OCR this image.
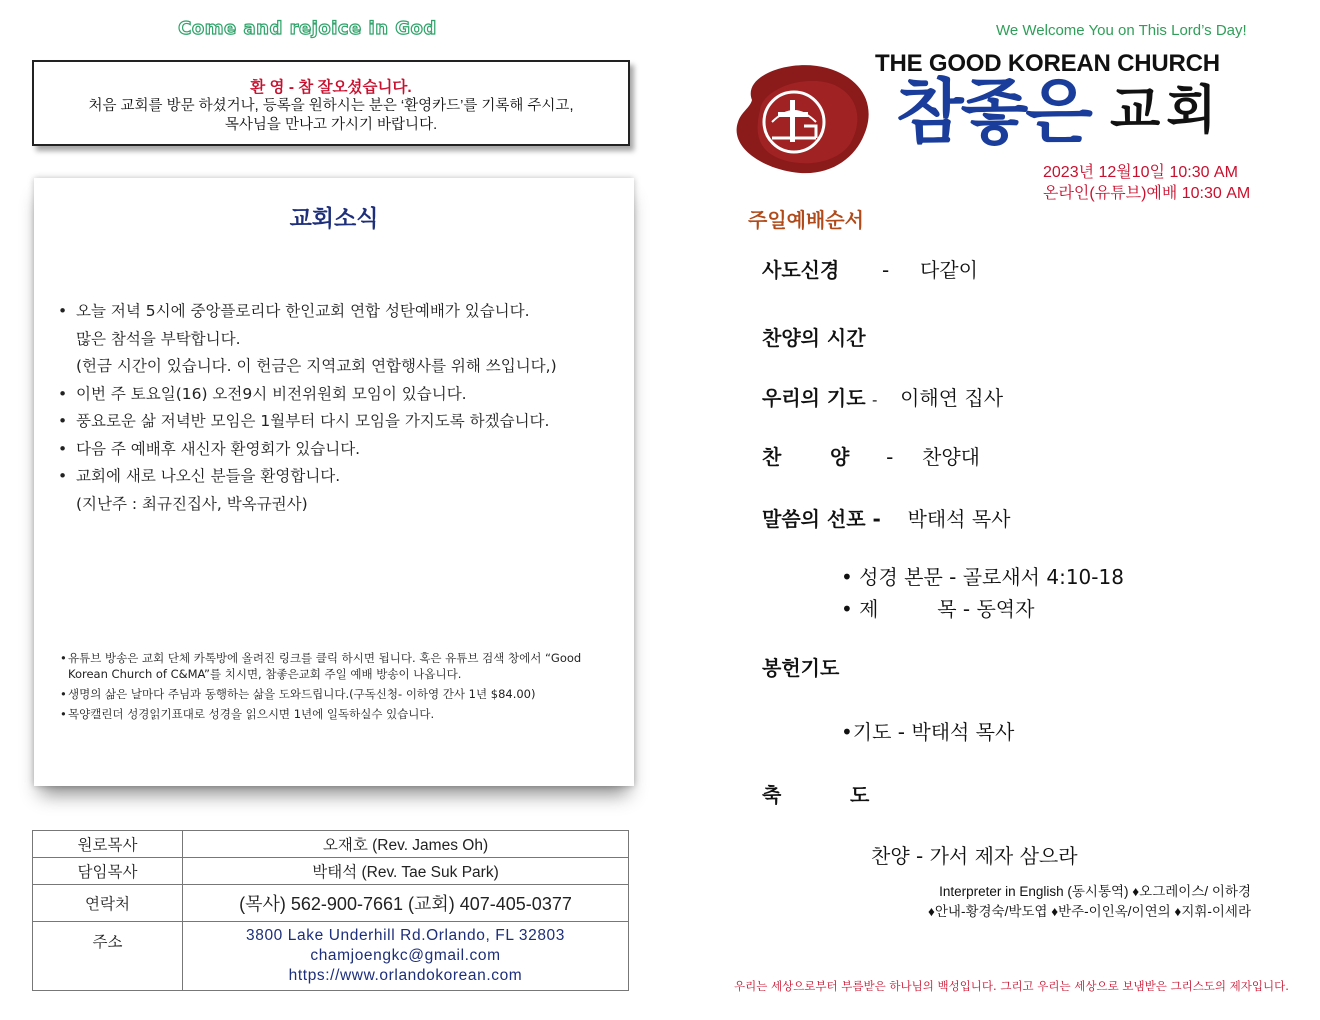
Come and rejoice in God
환 영 - 참 잘오셨습니다.
처음 교회를 방문 하셨거나, 등록을 원하시는 분은 ‘환영카드’를 기록해 주시고,
목사님을 만나고 가시기 바랍니다.
교회소식
• 오늘 저녁 5시에 중앙플로리다 한인교회 연합 성탄예배가 있습니다.
많은 참석을 부탁합니다.
(헌금 시간이 있습니다. 이 헌금은 지역교회 연합행사를 위해 쓰입니다,)
• 이번 주 토요일(16) 오전9시 비전위원회 모임이 있습니다.
• 풍요로운 삶 저녁반 모임은 1월부터 다시 모임을 가지도록 하겠습니다.
• 다음 주 예배후 새신자 환영회가 있습니다.
• 교회에 새로 나오신 분들을 환영합니다.
(지난주 : 최규진집사, 박옥규권사)
• 유튜브 방송은 교회 단체 카톡방에 올려진 링크를 클릭 하시면 됩니다. 혹은 유튜브 검색 창에서 “Good
Korean Church of C&MA”를 치시면, 참좋은교회 주일 예배 방송이 나옵니다.
• 생명의 삶은 날마다 주님과 동행하는 삶을 도와드립니다.(구독신청- 이하영 간사 1년 $84.00)
• 목양캘린더 성경읽기표대로 성경을 읽으시면 1년에 일독하실수 있습니다.
원로목사	오재호 (Rev. James Oh)
담임목사	박태석 (Rev. Tae Suk Park)
연락처	(목사) 562-900-7661 (교회) 407-405-0377
주소	3800 Lake Underhill Rd.Orlando, FL 32803
chamjoengkc@gmail.com
https://www.orlandokorean.com
We Welcome You on This Lord’s Day!
THE GOOD KOREAN CHURCH
참좋은 교회
2023년 12월10일 10:30 AM
온라인(유튜브)예배 10:30 AM
주일예배순서
사도신경 - 다같이
찬양의 시간
우리의 기도 - 이해연 집사
찬 양 - 찬양대
말씀의 선포 - 박태석 목사
• 성경 본문 - 골로새서 4:10-18
• 제	목 - 동역자
봉헌기도
•기도 - 박태석 목사
축	도
찬양 - 가서 제자 삼으라
Interpreter in English (동시통역) ♦오그레이스/ 이하경
♦안내-황경숙/박도엽 ♦반주-이인옥/이연의 ♦지휘-이세라
우리는 세상으로부터 부름받은 하나님의 백성입니다. 그리고 우리는 세상으로 보냄받은 그리스도의 제자입니다.
